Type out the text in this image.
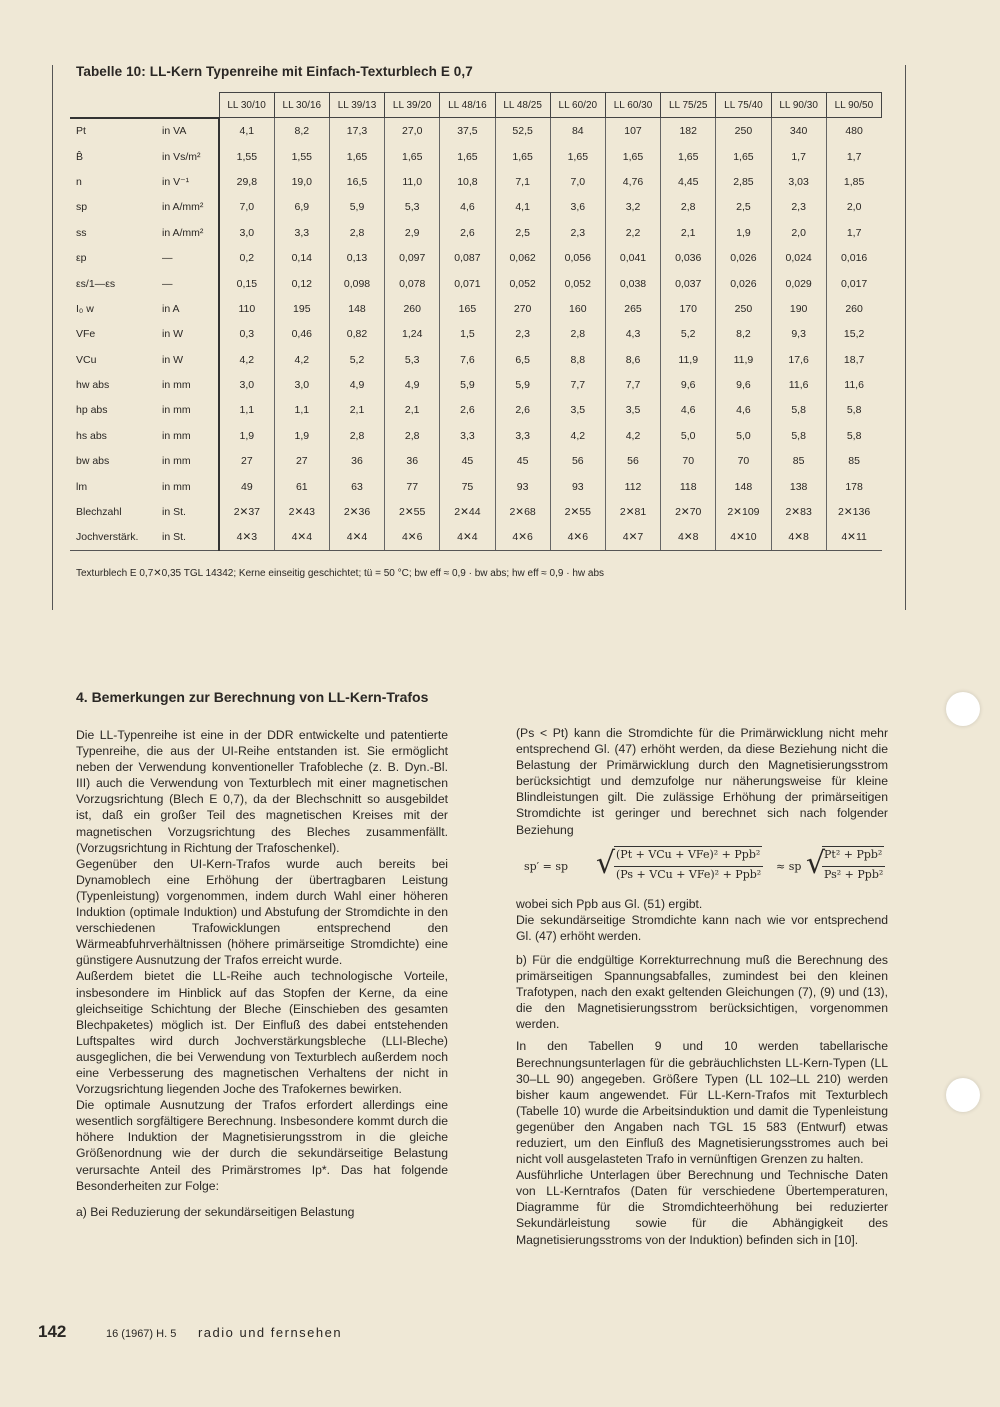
Tabelle 10: LL-Kern Typenreihe mit Einfach-Texturblech E 0,7
		LL 30/10	LL 30/16	LL 39/13	LL 39/20	LL 48/16	LL 48/25	LL 60/20	LL 60/30	LL 75/25	LL 75/40	LL 90/30	LL 90/50
Pt	in VA	4,1	8,2	17,3	27,0	37,5	52,5	84	107	182	250	340	480
B̂	in Vs/m²	1,55	1,55	1,65	1,65	1,65	1,65	1,65	1,65	1,65	1,65	1,7	1,7
n	in V⁻¹	29,8	19,0	16,5	11,0	10,8	7,1	7,0	4,76	4,45	2,85	3,03	1,85
sp	in A/mm²	7,0	6,9	5,9	5,3	4,6	4,1	3,6	3,2	2,8	2,5	2,3	2,0
ss	in A/mm²	3,0	3,3	2,8	2,9	2,6	2,5	2,3	2,2	2,1	1,9	2,0	1,7
εp	—	0,2	0,14	0,13	0,097	0,087	0,062	0,056	0,041	0,036	0,026	0,024	0,016
εs/1—εs	—	0,15	0,12	0,098	0,078	0,071	0,052	0,052	0,038	0,037	0,026	0,029	0,017
I₀ w	in A	110	195	148	260	165	270	160	265	170	250	190	260
VFe	in W	0,3	0,46	0,82	1,24	1,5	2,3	2,8	4,3	5,2	8,2	9,3	15,2
VCu	in W	4,2	4,2	5,2	5,3	7,6	6,5	8,8	8,6	11,9	11,9	17,6	18,7
hw abs	in mm	3,0	3,0	4,9	4,9	5,9	5,9	7,7	7,7	9,6	9,6	11,6	11,6
hp abs	in mm	1,1	1,1	2,1	2,1	2,6	2,6	3,5	3,5	4,6	4,6	5,8	5,8
hs abs	in mm	1,9	1,9	2,8	2,8	3,3	3,3	4,2	4,2	5,0	5,0	5,8	5,8
bw abs	in mm	27	27	36	36	45	45	56	56	70	70	85	85
lm	in mm	49	61	63	77	75	93	93	112	118	148	138	178
Blechzahl	in St.	2✕37	2✕43	2✕36	2✕55	2✕44	2✕68	2✕55	2✕81	2✕70	2✕109	2✕83	2✕136
Jochverstärk.	in St.	4✕3	4✕4	4✕4	4✕6	4✕4	4✕6	4✕6	4✕7	4✕8	4✕10	4✕8	4✕11
Texturblech E 0,7✕0,35 TGL 14342; Kerne einseitig geschichtet; tü = 50 °C; bw eff ≈ 0,9 · bw abs; hw eff ≈ 0,9 · hw abs
4. Bemerkungen zur Berechnung von LL-Kern-Trafos

Die LL-Typenreihe ist eine in der DDR entwickelte und patentierte Typenreihe, die aus der UI-Reihe entstanden ist. Sie ermöglicht neben der Verwendung konventioneller Trafobleche (z. B. Dyn.-Bl. III) auch die Verwendung von Texturblech mit einer magnetischen Vorzugsrichtung (Blech E 0,7), da der Blechschnitt so ausgebildet ist, daß ein großer Teil des magnetischen Kreises mit der magnetischen Vorzugsrichtung des Bleches zusammenfällt. (Vorzugsrichtung in Richtung der Trafoschenkel).

Gegenüber den UI-Kern-Trafos wurde auch bereits bei Dynamoblech eine Erhöhung der übertragbaren Leistung (Typenleistung) vorgenommen, indem durch Wahl einer höheren Induktion (optimale Induktion) und Abstufung der Stromdichte in den verschiedenen Trafowicklungen entsprechend den Wärmeabfuhrverhältnissen (höhere primärseitige Stromdichte) eine günstigere Ausnutzung der Trafos erreicht wurde.

Außerdem bietet die LL-Reihe auch technologische Vorteile, insbesondere im Hinblick auf das Stopfen der Kerne, da eine gleichseitige Schichtung der Bleche (Einschieben des gesamten Blechpaketes) möglich ist. Der Einfluß des dabei entstehenden Luftspaltes wird durch Jochverstärkungsbleche (LLI-Bleche) ausgeglichen, die bei Verwendung von Texturblech außerdem noch eine Verbesserung des magnetischen Verhaltens der nicht in Vorzugsrichtung liegenden Joche des Trafokernes bewirken.

Die optimale Ausnutzung der Trafos erfordert allerdings eine wesentlich sorgfältigere Berechnung. Insbesondere kommt durch die höhere Induktion der Magnetisierungsstrom in die gleiche Größenordnung wie der durch die sekundärseitige Belastung verursachte Anteil des Primärstromes Ip*. Das hat folgende Besonderheiten zur Folge:

a) Bei Reduzierung der sekundärseitigen Belastung

(Ps < Pt) kann die Stromdichte für die Primärwicklung nicht mehr entsprechend Gl. (47) erhöht werden, da diese Beziehung nicht die Belastung der Primärwicklung durch den Magnetisierungsstrom berücksichtigt und demzufolge nur näherungsweise für kleine Blindleistungen gilt. Die zulässige Erhöhung der primärseitigen Stromdichte ist geringer und berechnet sich nach folgender Beziehung

sp′ = sp √ (Pt + VCu + VFe)² + Ppb²
(Ps + VCu + VFe)² + Ppb²
≈ sp √
Pt² + Ppb²
Ps² + Ppb²

wobei sich Ppb aus Gl. (51) ergibt.

Die sekundärseitige Stromdichte kann nach wie vor entsprechend Gl. (47) erhöht werden.

b) Für die endgültige Korrekturrechnung muß die Berechnung des primärseitigen Spannungsabfalles, zumindest bei den kleinen Trafotypen, nach den exakt geltenden Gleichungen (7), (9) und (13), die den Magnetisierungsstrom berücksichtigen, vorgenommen werden.

In den Tabellen 9 und 10 werden tabellarische Berechnungsunterlagen für die gebräuchlichsten LL-Kern-Typen (LL 30–LL 90) angegeben. Größere Typen (LL 102–LL 210) werden bisher kaum angewendet. Für LL-Kern-Trafos mit Texturblech (Tabelle 10) wurde die Arbeitsinduktion und damit die Typenleistung gegenüber den Angaben nach TGL 15 583 (Entwurf) etwas reduziert, um den Einfluß des Magnetisierungsstromes auch bei nicht voll ausgelasteten Trafo in vernünftigen Grenzen zu halten.

Ausführliche Unterlagen über Berechnung und Technische Daten von LL-Kerntrafos (Daten für verschiedene Übertemperaturen, Diagramme für die Stromdichteerhöhung bei reduzierter Sekundärleistung sowie für die Abhängigkeit des Magnetisierungsstroms von der Induktion) befinden sich in [10].

142	16 (1967) H. 5 radio und fernsehen
